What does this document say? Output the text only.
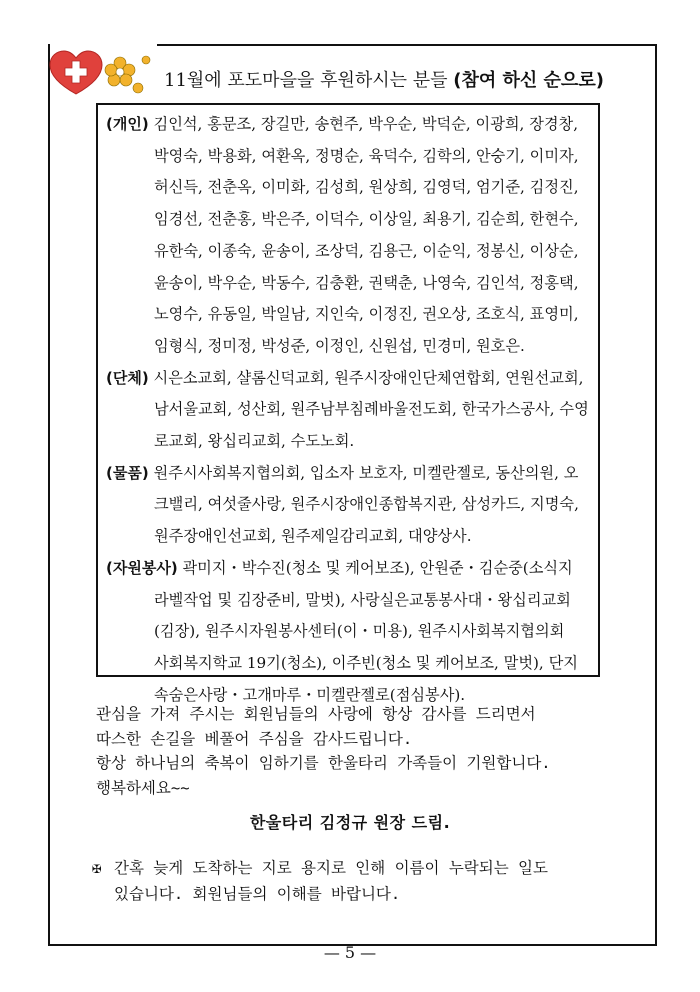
11월에 포도마을을 후원하시는 분들 (참여 하신 순으로)
(개인) 김인석, 홍문조, 장길만, 송현주, 박우순, 박덕순, 이광희, 장경창,
박영숙, 박용화, 여환옥, 정명순, 육덕수, 김학의, 안숭기, 이미자,
허신득, 전춘옥, 이미화, 김성희, 원상희, 김영덕, 엄기준, 김정진,
임경선, 전춘홍, 박은주, 이덕수, 이상일, 최용기, 김순희, 한현수,
유한숙, 이종숙, 윤송이, 조상덕, 김용근, 이순익, 정봉신, 이상순,
윤송이, 박우순, 박동수, 김충환, 권택춘, 나영숙, 김인석, 정홍택,
노영수, 유동일, 박일남, 지인숙, 이정진, 권오상, 조호식, 표영미,
임형식, 정미정, 박성준, 이정인, 신원섭, 민경미, 원호은.
(단체) 시은소교회, 샬롬신덕교회, 원주시장애인단체연합회, 연원선교회,
남서울교회, 성산회, 원주남부침례바울전도회, 한국가스공사, 수영
로교회, 왕십리교회, 수도노회.
(물품) 원주시사회복지협의회, 입소자 보호자, 미켈란젤로, 동산의원, 오
크밸리, 여섯줄사랑, 원주시장애인종합복지관, 삼성카드, 지명숙,
원주장애인선교회, 원주제일감리교회, 대양상사.
(자원봉사) 곽미지・박수진(청소 및 케어보조), 안원준・김순중(소식지
라벨작업 및 김장준비, 말벗), 사랑실은교통봉사대・왕십리교회
(김장), 원주시자원봉사센터(이・미용), 원주시사회복지협의회
사회복지학교 19기(청소), 이주빈(청소 및 케어보조, 말벗), 단지
속숨은사랑・고개마루・미켈란젤로(점심봉사).

관심을 가져 주시는 회원님들의 사랑에 항상 감사를 드리면서

따스한 손길을 베풀어 주심을 감사드립니다.

항상 하나님의 축복이 임하기를 한울타리 가족들이 기원합니다.

행복하세요~~

한울타리 김정규 원장 드림.

✠ 간혹 늦게 도착하는 지로 용지로 인해 이름이 누락되는 일도

있습니다. 회원님들의 이해를 바랍니다.

— 5 —
